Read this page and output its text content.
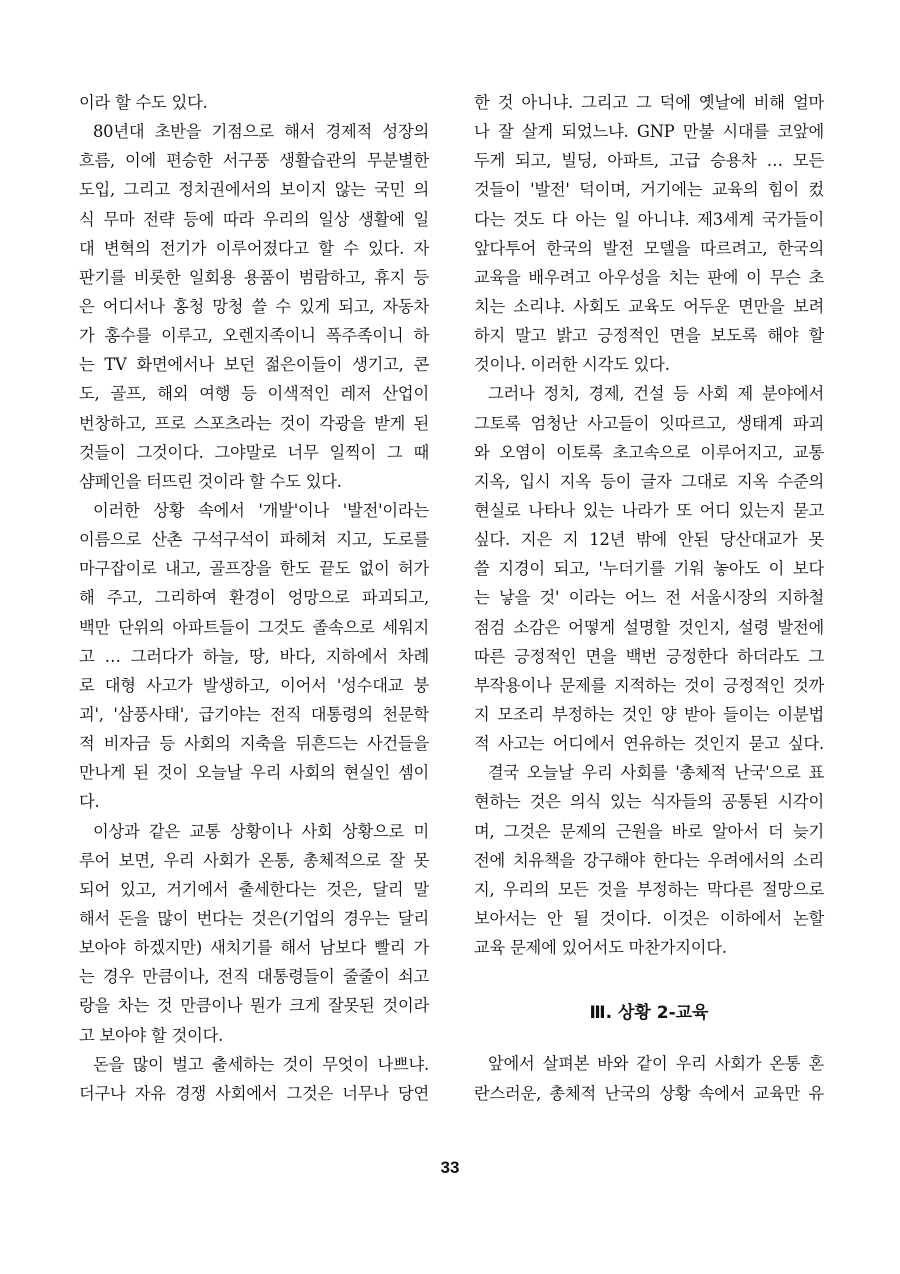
이라 할 수도 있다.
80년대 초반을 기점으로 해서 경제적 성장의
흐름, 이에 편승한 서구풍 생활습관의 무분별한
도입, 그리고 정치권에서의 보이지 않는 국민 의
식 무마 전략 등에 따라 우리의 일상 생활에 일
대 변혁의 전기가 이루어졌다고 할 수 있다. 자
판기를 비롯한 일회용 용품이 범람하고, 휴지 등
은 어디서나 홍청 망청 쓸 수 있게 되고, 자동차
가 홍수를 이루고, 오렌지족이니 폭주족이니 하
는 TV 화면에서나 보던 젊은이들이 생기고, 콘
도, 골프, 해외 여행 등 이색적인 레저 산업이
번창하고, 프로 스포츠라는 것이 각광을 받게 된
것들이 그것이다. 그야말로 너무 일찍이 그 때
샴페인을 터뜨린 것이라 할 수도 있다.
이러한 상황 속에서 '개발'이나 '발전'이라는
이름으로 산촌 구석구석이 파헤쳐 지고, 도로를
마구잡이로 내고, 골프장을 한도 끝도 없이 허가
해 주고, 그리하여 환경이 엉망으로 파괴되고,
백만 단위의 아파트들이 그것도 졸속으로 세워지
고 … 그러다가 하늘, 땅, 바다, 지하에서 차례
로 대형 사고가 발생하고, 이어서 '성수대교 붕
괴', '삼풍사태', 급기야는 전직 대통령의 천문학
적 비자금 등 사회의 지축을 뒤흔드는 사건들을
만나게 된 것이 오늘날 우리 사회의 현실인 셈이
다.
이상과 같은 교통 상황이나 사회 상황으로 미
루어 보면, 우리 사회가 온통, 총체적으로 잘 못
되어 있고, 거기에서 출세한다는 것은, 달리 말
해서 돈을 많이 번다는 것은(기업의 경우는 달리
보아야 하겠지만) 새치기를 해서 남보다 빨리 가
는 경우 만큼이나, 전직 대통령들이 줄줄이 쇠고
랑을 차는 것 만큼이나 뭔가 크게 잘못된 것이라
고 보아야 할 것이다.
돈을 많이 벌고 출세하는 것이 무엇이 나쁘냐.
더구나 자유 경쟁 사회에서 그것은 너무나 당연
한 것 아니냐. 그리고 그 덕에 옛날에 비해 얼마
나 잘 살게 되었느냐. GNP 만불 시대를 코앞에
두게 되고, 빌딩, 아파트, 고급 승용차 … 모든
것들이 '발전' 덕이며, 거기에는 교육의 힘이 컸
다는 것도 다 아는 일 아니냐. 제3세계 국가들이
앞다투어 한국의 발전 모델을 따르려고, 한국의
교육을 배우려고 아우성을 치는 판에 이 무슨 초
치는 소리냐. 사회도 교육도 어두운 면만을 보려
하지 말고 밝고 긍정적인 면을 보도록 해야 할
것이나. 이러한 시각도 있다.
그러나 정치, 경제, 건설 등 사회 제 분야에서
그토록 엄청난 사고들이 잇따르고, 생태계 파괴
와 오염이 이토록 초고속으로 이루어지고, 교통
지옥, 입시 지옥 등이 글자 그대로 지옥 수준의
현실로 나타나 있는 나라가 또 어디 있는지 묻고
싶다. 지은 지 12년 밖에 안된 당산대교가 못
쓸 지경이 되고, '누더기를 기워 놓아도 이 보다
는 낳을 것' 이라는 어느 전 서울시장의 지하철
점검 소감은 어떻게 설명할 것인지, 설령 발전에
따른 긍정적인 면을 백번 긍정한다 하더라도 그
부작용이나 문제를 지적하는 것이 긍정적인 것까
지 모조리 부정하는 것인 양 받아 들이는 이분법
적 사고는 어디에서 연유하는 것인지 묻고 싶다.
결국 오늘날 우리 사회를 '총체적 난국'으로 표
현하는 것은 의식 있는 식자들의 공통된 시각이
며, 그것은 문제의 근원을 바로 알아서 더 늦기
전에 치유책을 강구해야 한다는 우려에서의 소리
지, 우리의 모든 것을 부정하는 막다른 절망으로
보아서는 안 될 것이다. 이것은 이하에서 논할
교육 문제에 있어서도 마찬가지이다.
Ⅲ. 상황 2-교육
앞에서 살펴본 바와 같이 우리 사회가 온통 혼
란스러운, 총체적 난국의 상황 속에서 교육만 유
33
